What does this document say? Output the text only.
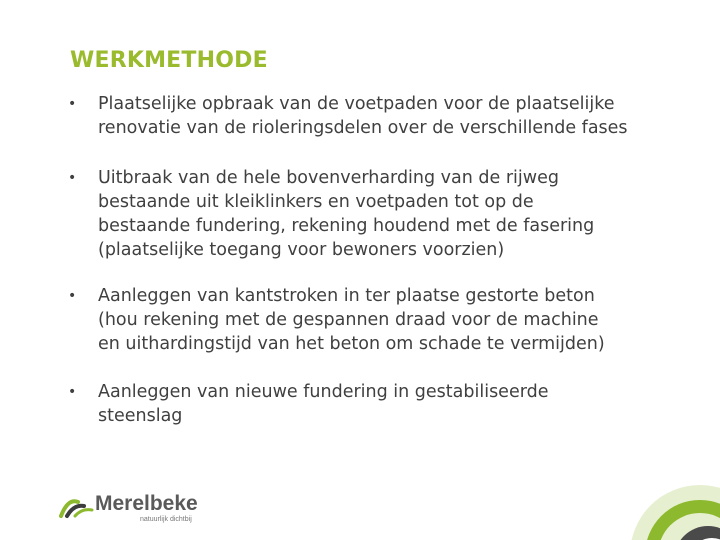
WERKMETHODE
• Plaatselijke opbraak van de voetpaden voor de plaatselijke
renovatie van de rioleringsdelen over de verschillende fases
• Uitbraak van de hele bovenverharding van de rijweg
bestaande uit kleiklinkers en voetpaden tot op de
bestaande fundering, rekening houdend met de fasering
(plaatselijke toegang voor bewoners voorzien)
• Aanleggen van kantstroken in ter plaatse gestorte beton
(hou rekening met de gespannen draad voor de machine
en uithardingstijd van het beton om schade te vermijden)
• Aanleggen van nieuwe fundering in gestabiliseerde
steenslag
Merelbeke
natuurlijk dichtbij
